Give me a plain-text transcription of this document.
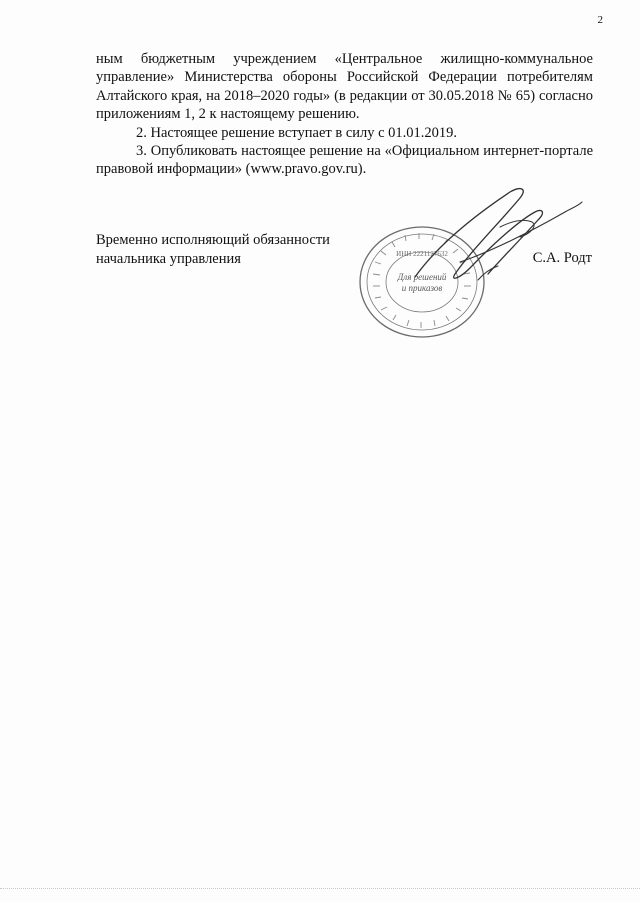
2

ным бюджетным учреждением «Центральное жилищно-коммунальное управление» Министерства обороны Российской Федерации потребителям Алтайского края, на 2018–2020 годы» (в редакции от 30.05.2018 № 65) согласно приложениям 1, 2 к настоящему решению.

2. Настоящее решение вступает в силу с 01.01.2019.

3. Опубликовать настоящее решение на «Официальном интернет-портале правовой информации» (www.pravo.gov.ru).

Временно исполняющий обязанности
начальника управления	ИНН 2221127632
Для решений
и приказов
С.А. Родт
